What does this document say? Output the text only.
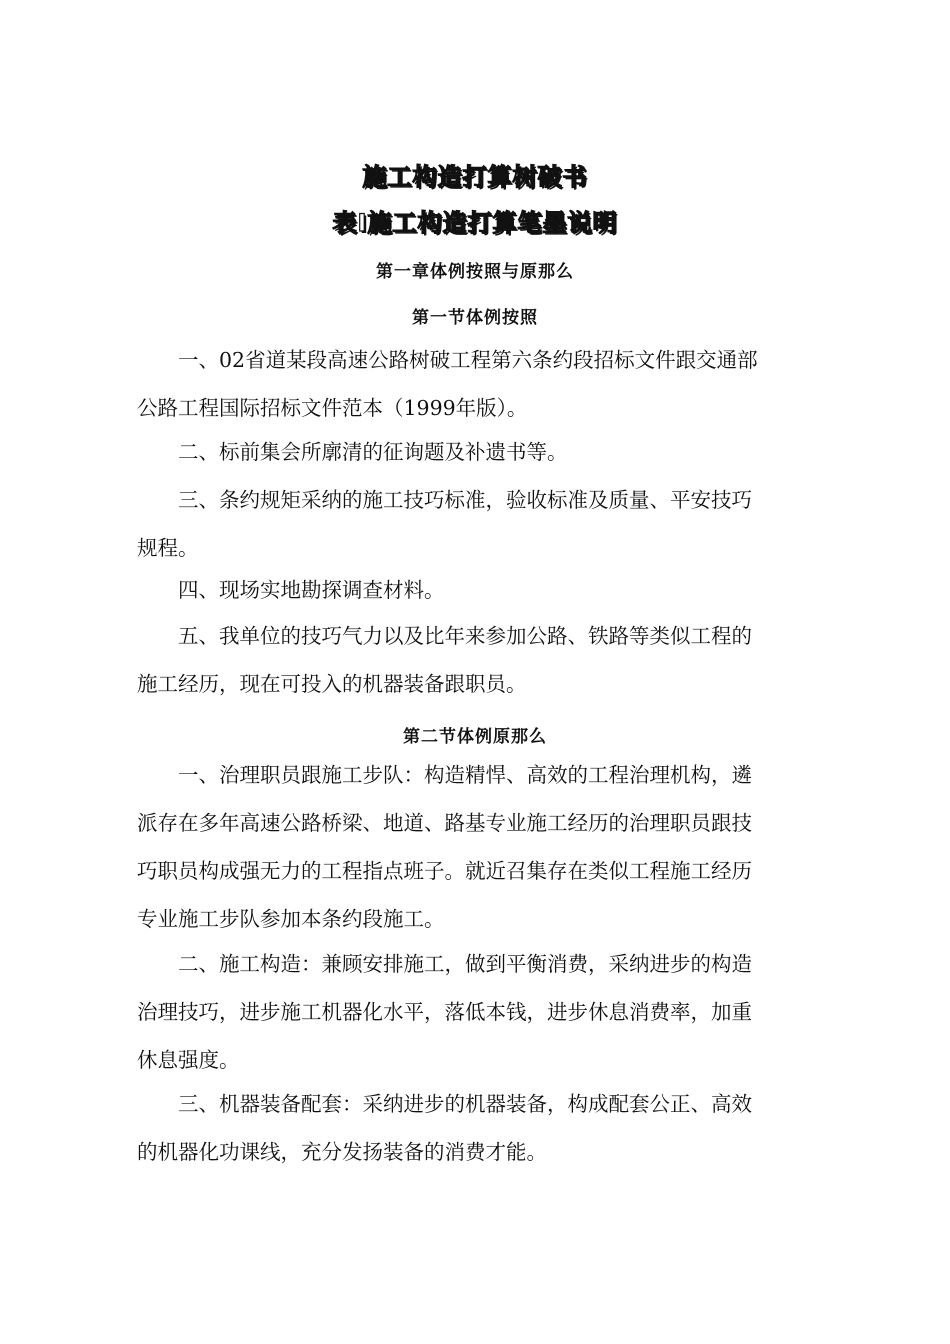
施工构造打算树破书
表Ⅰ施工构造打算笔墨说明
第一章体例按照与原那么
第一节体例按照

一、02省道某段高速公路树破工程第六条约段招标文件跟交通部
公路工程国际招标文件范本（1999年版）。

二、标前集会所廓清的征询题及补遗书等。

三、条约规矩采纳的施工技巧标准，验收标准及质量、平安技巧
规程。

四、现场实地勘探调查材料。

五、我单位的技巧气力以及比年来参加公路、铁路等类似工程的
施工经历，现在可投入的机器装备跟职员。

第二节体例原那么

一、治理职员跟施工步队：构造精悍、高效的工程治理机构，遴
派存在多年高速公路桥梁、地道、路基专业施工经历的治理职员跟技
巧职员构成强无力的工程指点班子。就近召集存在类似工程施工经历
专业施工步队参加本条约段施工。

二、施工构造：兼顾安排施工，做到平衡消费，采纳进步的构造
治理技巧，进步施工机器化水平，落低本钱，进步休息消费率，加重
休息强度。

三、机器装备配套：采纳进步的机器装备，构成配套公正、高效
的机器化功课线，充分发扬装备的消费才能。
